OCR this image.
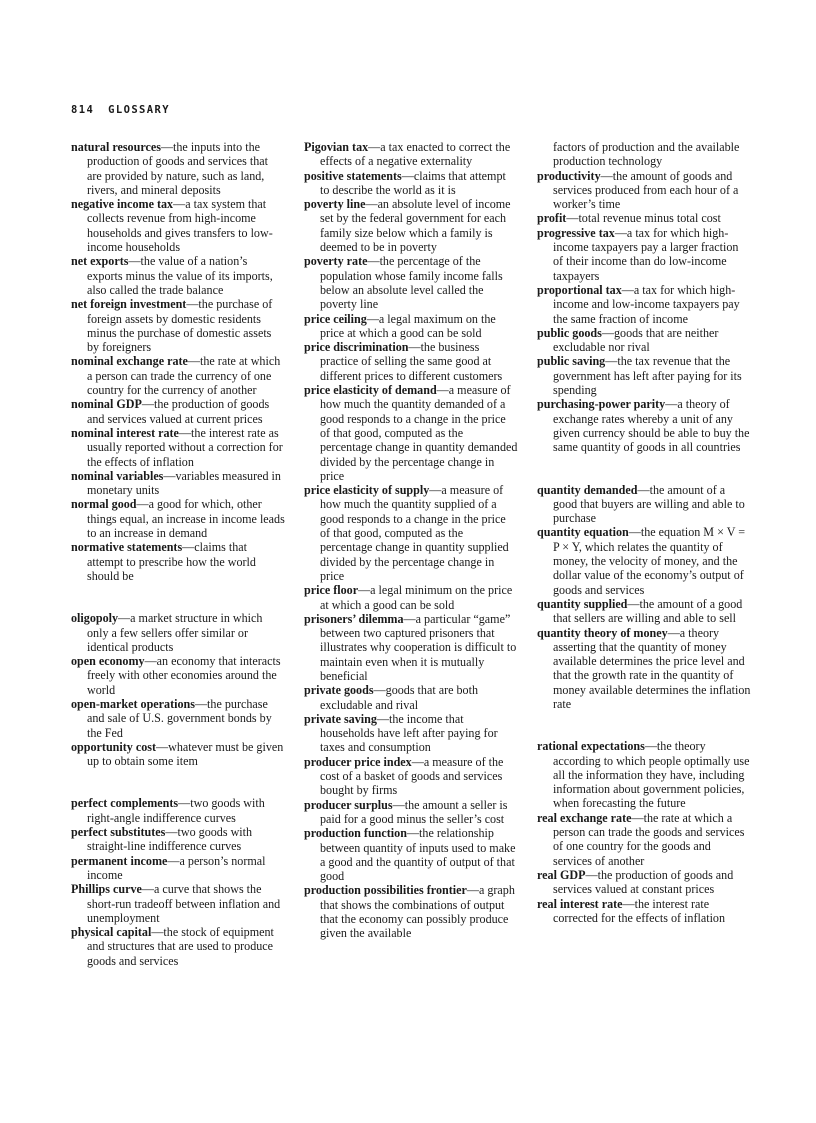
814 GLOSSARY

natural resources—the inputs into the production of goods and services that are provided by nature, such as land, rivers, and mineral deposits

negative income tax—a tax system that collects revenue from high-income households and gives transfers to low-income households

net exports—the value of a nation’s exports minus the value of its imports, also called the trade balance

net foreign investment—the purchase of foreign assets by domestic residents minus the purchase of domestic assets by foreigners

nominal exchange rate—the rate at which a person can trade the currency of one country for the currency of another

nominal GDP—the production of goods and services valued at current prices

nominal interest rate—the interest rate as usually reported without a correction for the effects of inflation

nominal variables—variables measured in monetary units

normal good—a good for which, other things equal, an increase in income leads to an increase in demand

normative statements—claims that attempt to prescribe how the world should be

oligopoly—a market structure in which only a few sellers offer similar or identical products

open economy—an economy that interacts freely with other economies around the world

open-market operations—the purchase and sale of U.S. government bonds by the Fed

opportunity cost—whatever must be given up to obtain some item

perfect complements—two goods with right-angle indifference curves

perfect substitutes—two goods with straight-line indifference curves

permanent income—a person’s normal income

Phillips curve—a curve that shows the short-run tradeoff between inflation and unemployment

physical capital—the stock of equipment and structures that are used to produce goods and services

Pigovian tax—a tax enacted to correct the effects of a negative externality

positive statements—claims that attempt to describe the world as it is

poverty line—an absolute level of income set by the federal government for each family size below which a family is deemed to be in poverty

poverty rate—the percentage of the population whose family income falls below an absolute level called the poverty line

price ceiling—a legal maximum on the price at which a good can be sold

price discrimination—the business practice of selling the same good at different prices to different customers

price elasticity of demand—a measure of how much the quantity demanded of a good responds to a change in the price of that good, computed as the percentage change in quantity demanded divided by the percentage change in price

price elasticity of supply—a measure of how much the quantity supplied of a good responds to a change in the price of that good, computed as the percentage change in quantity supplied divided by the percentage change in price

price floor—a legal minimum on the price at which a good can be sold

prisoners’ dilemma—a particular “game” between two captured prisoners that illustrates why cooperation is difficult to maintain even when it is mutually beneficial

private goods—goods that are both excludable and rival

private saving—the income that households have left after paying for taxes and consumption

producer price index—a measure of the cost of a basket of goods and services bought by firms

producer surplus—the amount a seller is paid for a good minus the seller’s cost

production function—the relationship between quantity of inputs used to make a good and the quantity of output of that good

production possibilities frontier—a graph that shows the combinations of output that the economy can possibly produce given the available

factors of production and the available production technology

productivity—the amount of goods and services produced from each hour of a worker’s time

profit—total revenue minus total cost

progressive tax—a tax for which high-income taxpayers pay a larger fraction of their income than do low-income taxpayers

proportional tax—a tax for which high-income and low-income taxpayers pay the same fraction of income

public goods—goods that are neither excludable nor rival

public saving—the tax revenue that the government has left after paying for its spending

purchasing-power parity—a theory of exchange rates whereby a unit of any given currency should be able to buy the same quantity of goods in all countries

quantity demanded—the amount of a good that buyers are willing and able to purchase

quantity equation—the equation M × V = P × Y, which relates the quantity of money, the velocity of money, and the dollar value of the economy’s output of goods and services

quantity supplied—the amount of a good that sellers are willing and able to sell

quantity theory of money—a theory asserting that the quantity of money available determines the price level and that the growth rate in the quantity of money available determines the inflation rate

rational expectations—the theory according to which people optimally use all the information they have, including information about government policies, when forecasting the future

real exchange rate—the rate at which a person can trade the goods and services of one country for the goods and services of another

real GDP—the production of goods and services valued at constant prices

real interest rate—the interest rate corrected for the effects of inflation
